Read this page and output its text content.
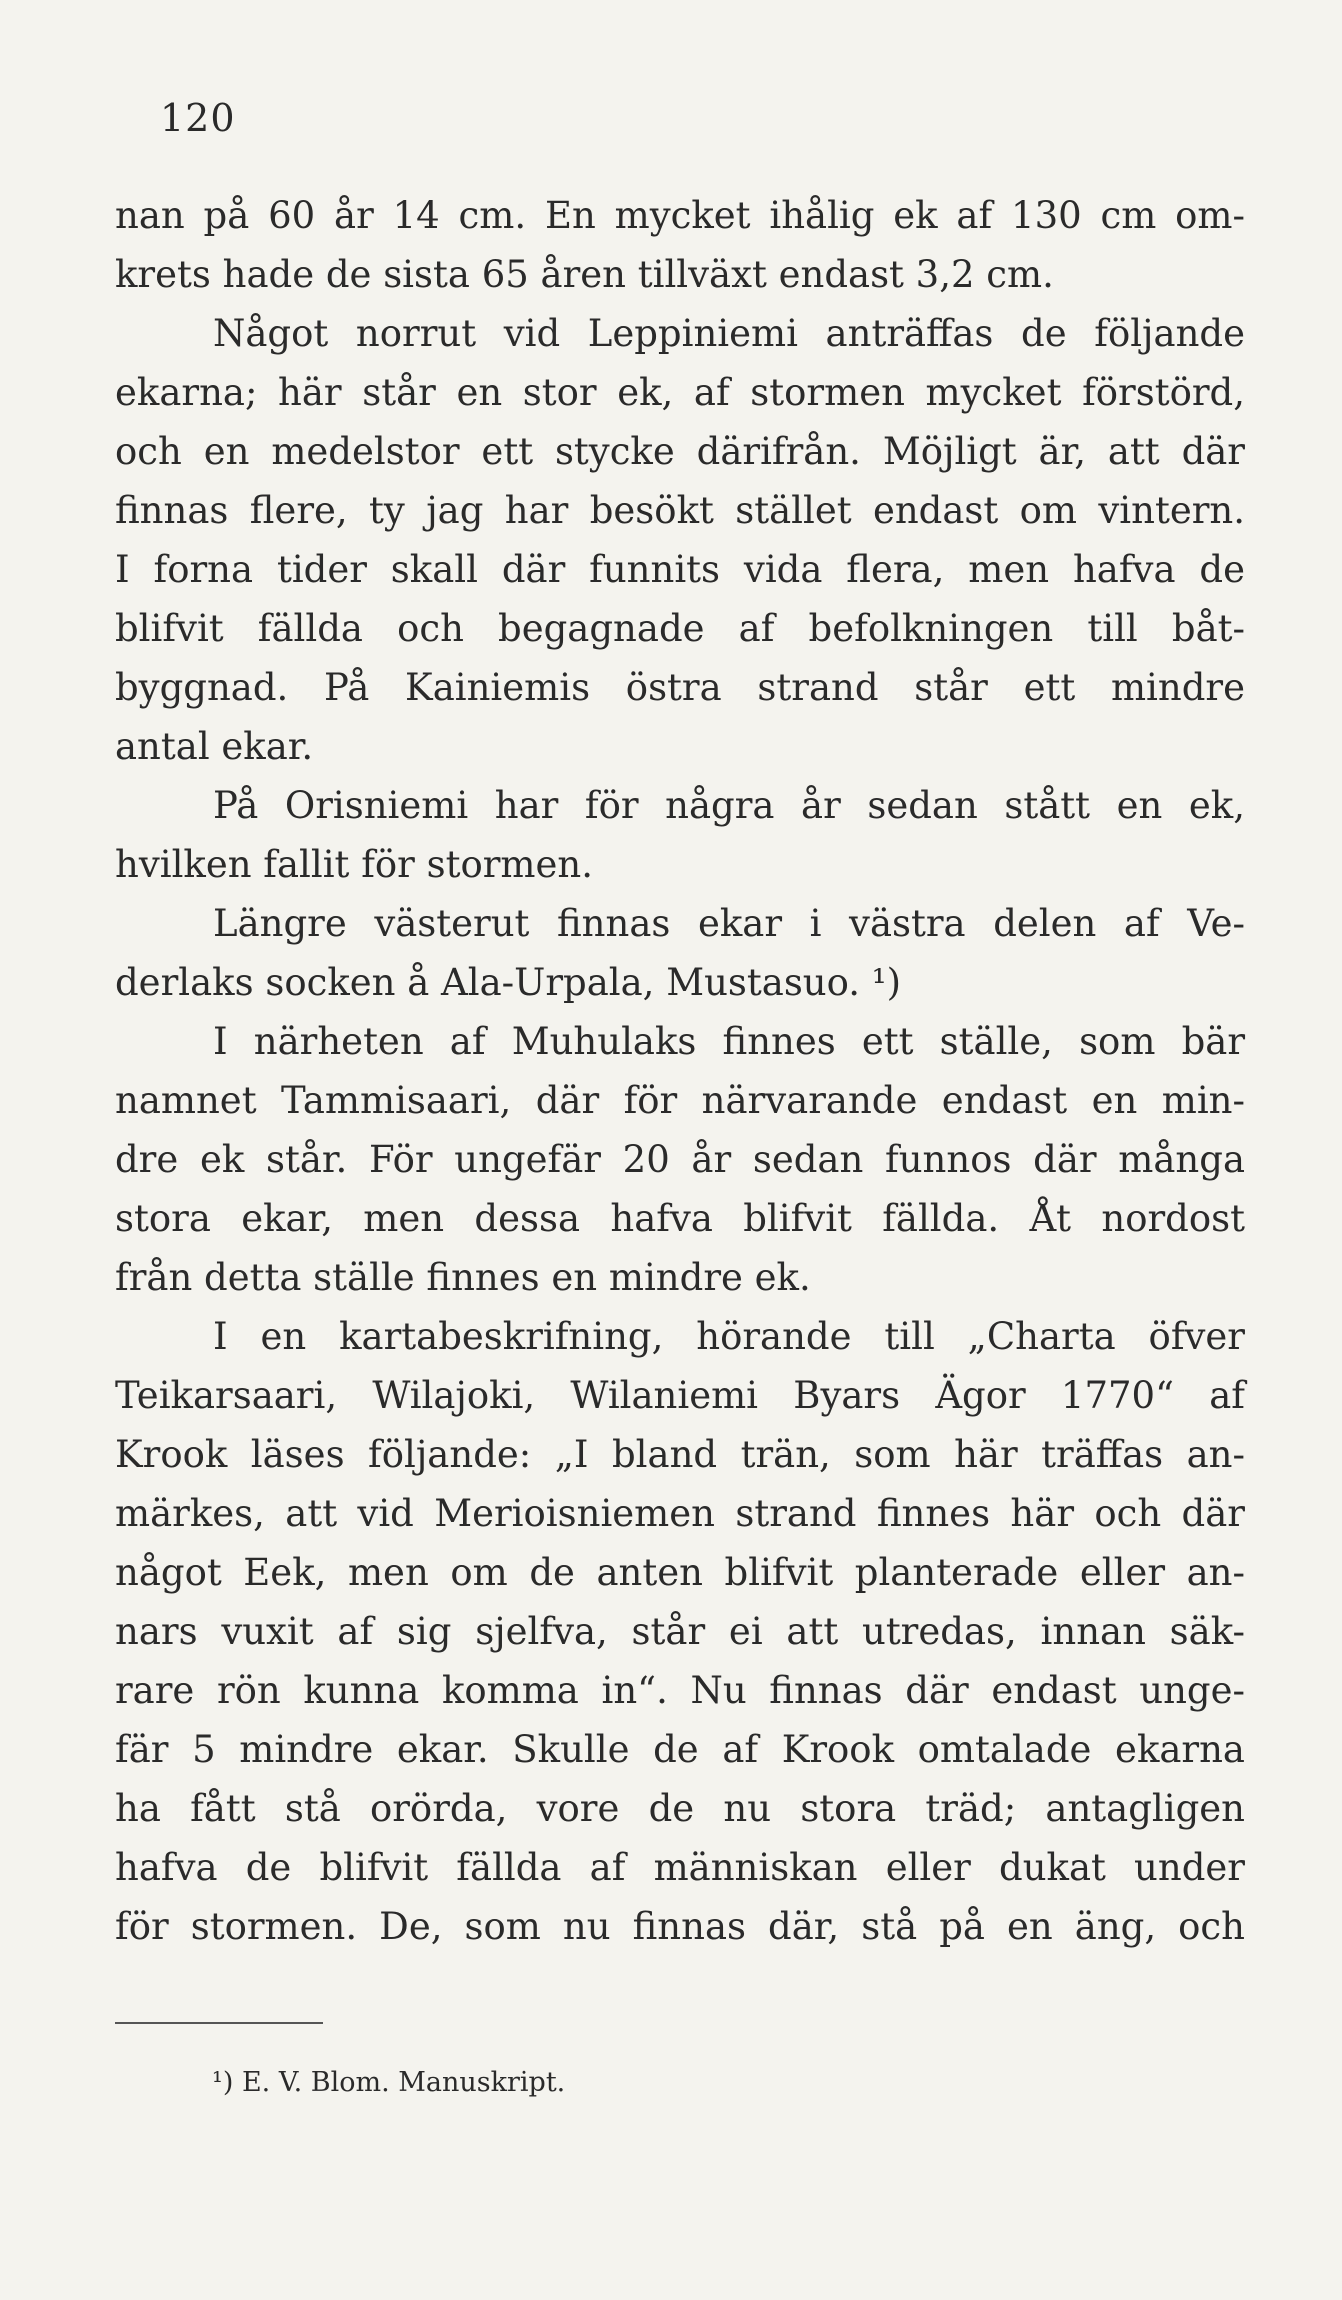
120
nan på 60 år 14 cm. En mycket ihålig ek af 130 cm om-
krets hade de sista 65 åren tillväxt endast 3,2 cm.
Något norrut vid Leppiniemi anträffas de följande
ekarna; här står en stor ek, af stormen mycket förstörd,
och en medelstor ett stycke därifrån. Möjligt är, att där
finnas flere, ty jag har besökt stället endast om vintern.
I forna tider skall där funnits vida flera, men hafva de
blifvit fällda och begagnade af befolkningen till båt-
byggnad. På Kainiemis östra strand står ett mindre
antal ekar.
På Orisniemi har för några år sedan stått en ek,
hvilken fallit för stormen.
Längre västerut finnas ekar i västra delen af Ve-
derlaks socken å Ala-Urpala, Mustasuo. ¹)
I närheten af Muhulaks finnes ett ställe, som bär
namnet Tammisaari, där för närvarande endast en min-
dre ek står. För ungefär 20 år sedan funnos där många
stora ekar, men dessa hafva blifvit fällda. Åt nordost
från detta ställe finnes en mindre ek.
I en kartabeskrifning, hörande till „Charta öfver
Teikarsaari, Wilajoki, Wilaniemi Byars Ägor 1770“ af
Krook läses följande: „I bland trän, som här träffas an-
märkes, att vid Merioisniemen strand finnes här och där
något Eek, men om de anten blifvit planterade eller an-
nars vuxit af sig sjelfva, står ei att utredas, innan säk-
rare rön kunna komma in“. Nu finnas där endast unge-
fär 5 mindre ekar. Skulle de af Krook omtalade ekarna
ha fått stå orörda, vore de nu stora träd; antagligen
hafva de blifvit fällda af människan eller dukat under
för stormen. De, som nu finnas där, stå på en äng, och
¹) E. V. Blom. Manuskript.
